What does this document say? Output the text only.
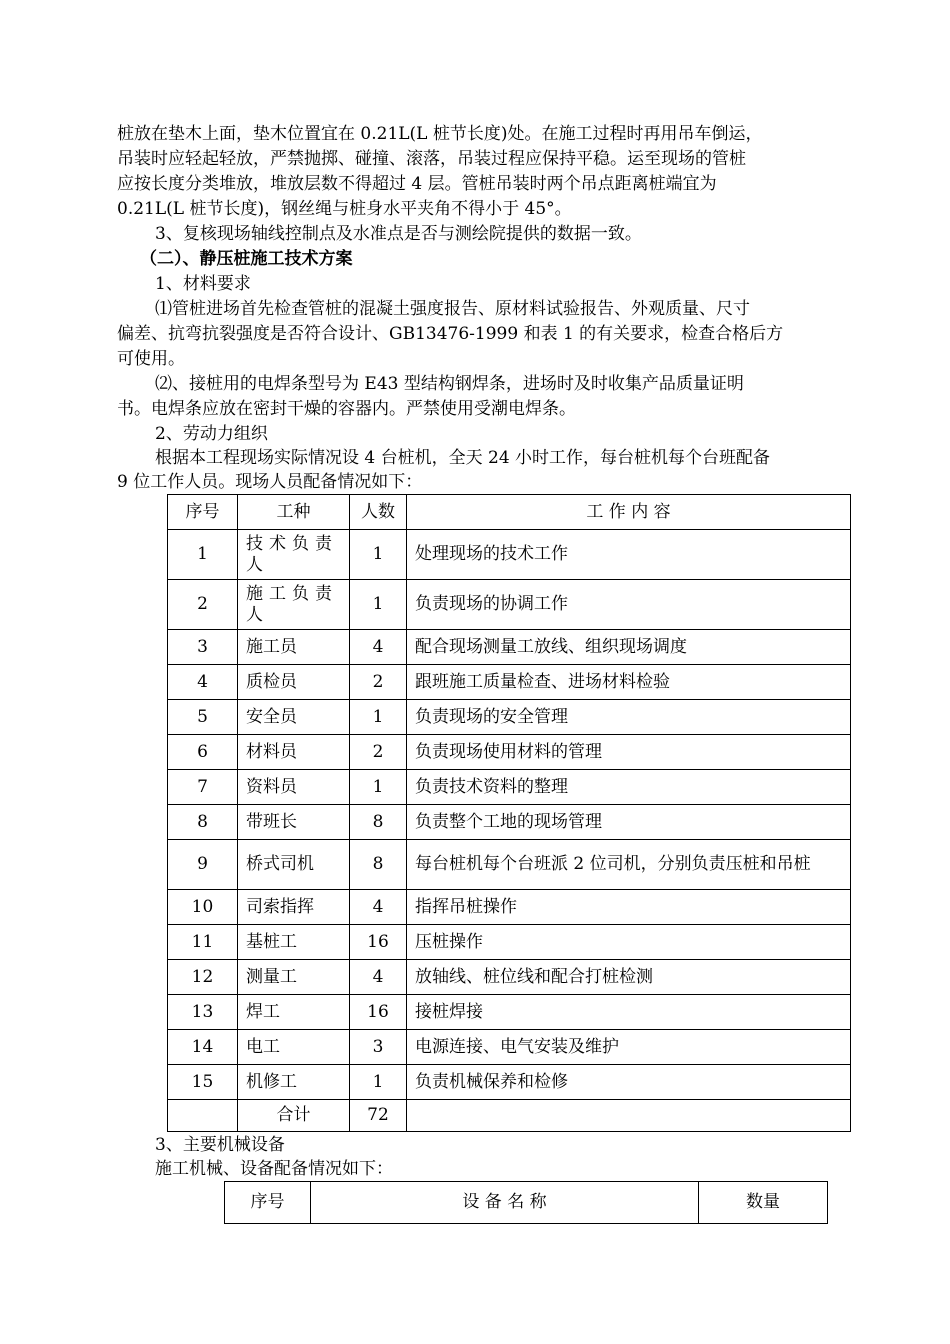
桩放在垫木上面，垫木位置宜在 0.21L(L 桩节长度)处。在施工过程时再用吊车倒运，
吊装时应轻起轻放，严禁抛掷、碰撞、滚落，吊装过程应保持平稳。运至现场的管桩
应按长度分类堆放，堆放层数不得超过 4 层。管桩吊装时两个吊点距离桩端宜为
0.21L(L 桩节长度)，钢丝绳与桩身水平夹角不得小于 45°。
3、复核现场轴线控制点及水准点是否与测绘院提供的数据一致。
（二）、静压桩施工技术方案
1、材料要求
⑴管桩进场首先检查管桩的混凝土强度报告、原材料试验报告、外观质量、尺寸
偏差、抗弯抗裂强度是否符合设计、GB13476-1999 和表 1 的有关要求，检查合格后方
可使用。
⑵、接桩用的电焊条型号为 E43 型结构钢焊条，进场时及时收集产品质量证明
书。电焊条应放在密封干燥的容器内。严禁使用受潮电焊条。
2、劳动力组织
根据本工程现场实际情况设 4 台桩机，全天 24 小时工作，每台桩机每个台班配备
9 位工作人员。现场人员配备情况如下：
序号	工种	人数	工 作 内 容
1	技术负责人	1	处理现场的技术工作
2	施工负责人	1	负责现场的协调工作
3	施工员	4	配合现场测量工放线、组织现场调度
4	质检员	2	跟班施工质量检查、进场材料检验
5	安全员	1	负责现场的安全管理
6	材料员	2	负责现场使用材料的管理
7	资料员	1	负责技术资料的整理
8	带班长	8	负责整个工地的现场管理
9	桥式司机	8	每台桩机每个台班派 2 位司机，分别负责压桩和吊桩
10	司索指挥	4	指挥吊桩操作
11	基桩工	16	压桩操作
12	测量工	4	放轴线、桩位线和配合打桩检测
13	焊工	16	接桩焊接
14	电工	3	电源连接、电气安装及维护
15	机修工	1	负责机械保养和检修
	合计	72	
3、主要机械设备
施工机械、设备配备情况如下：
序号	设 备 名 称	数量
